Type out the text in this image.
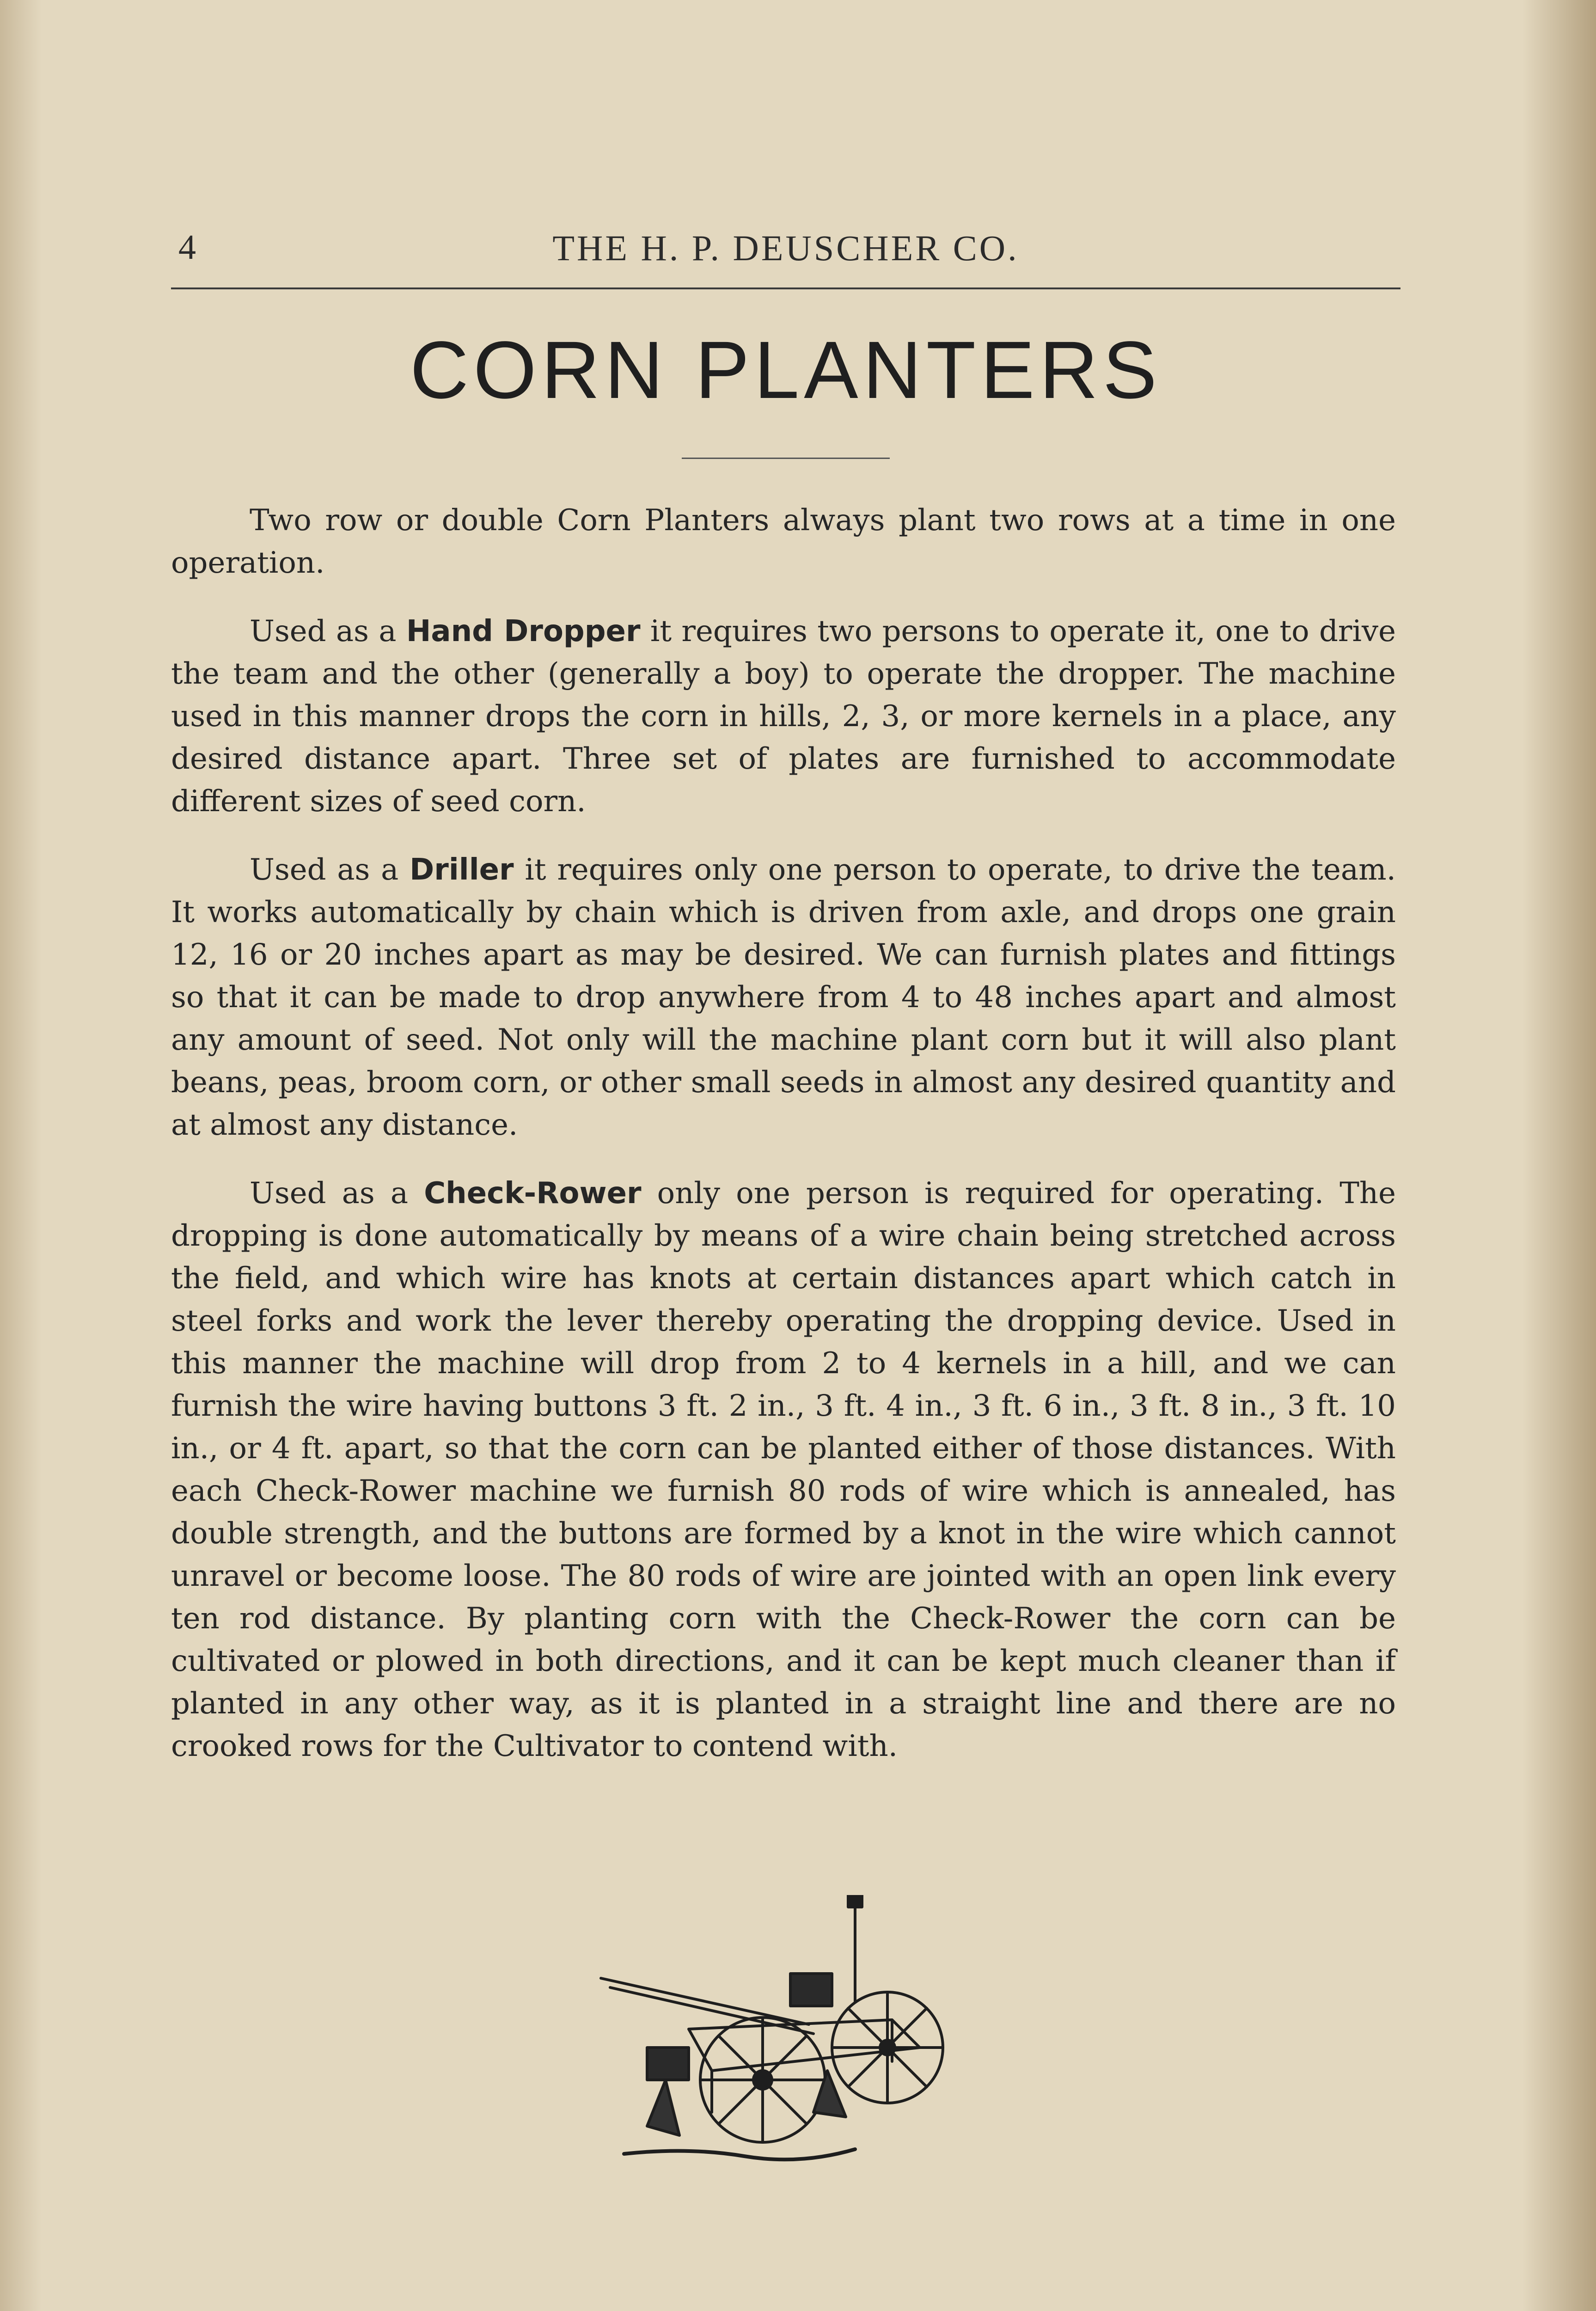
4	THE H. P. DEUSCHER CO.
CORN PLANTERS

Two row or double Corn Planters always plant two rows at a time in one operation.

Used as a Hand Dropper it requires two persons to operate it, one to drive the team and the other (generally a boy) to operate the dropper. The machine used in this manner drops the corn in hills, 2, 3, or more kernels in a place, any desired distance apart. Three set of plates are furnished to accommodate different sizes of seed corn.

Used as a Driller it requires only one person to operate, to drive the team. It works automatically by chain which is driven from axle, and drops one grain 12, 16 or 20 inches apart as may be desired. We can furnish plates and fittings so that it can be made to drop anywhere from 4 to 48 inches apart and almost any amount of seed. Not only will the machine plant corn but it will also plant beans, peas, broom corn, or other small seeds in almost any desired quantity and at almost any distance.

Used as a Check-Rower only one person is required for operating. The dropping is done automatically by means of a wire chain being stretched across the field, and which wire has knots at certain distances apart which catch in steel forks and work the lever thereby operating the dropping device. Used in this manner the machine will drop from 2 to 4 kernels in a hill, and we can furnish the wire having buttons 3 ft. 2 in., 3 ft. 4 in., 3 ft. 6 in., 3 ft. 8 in., 3 ft. 10 in., or 4 ft. apart, so that the corn can be planted either of those distances. With each Check-Rower machine we furnish 80 rods of wire which is annealed, has double strength, and the buttons are formed by a knot in the wire which cannot unravel or become loose. The 80 rods of wire are jointed with an open link every ten rod distance. By planting corn with the Check-Rower the corn can be cultivated or plowed in both directions, and it can be kept much cleaner than if planted in any other way, as it is planted in a straight line and there are no crooked rows for the Cultivator to contend with.
